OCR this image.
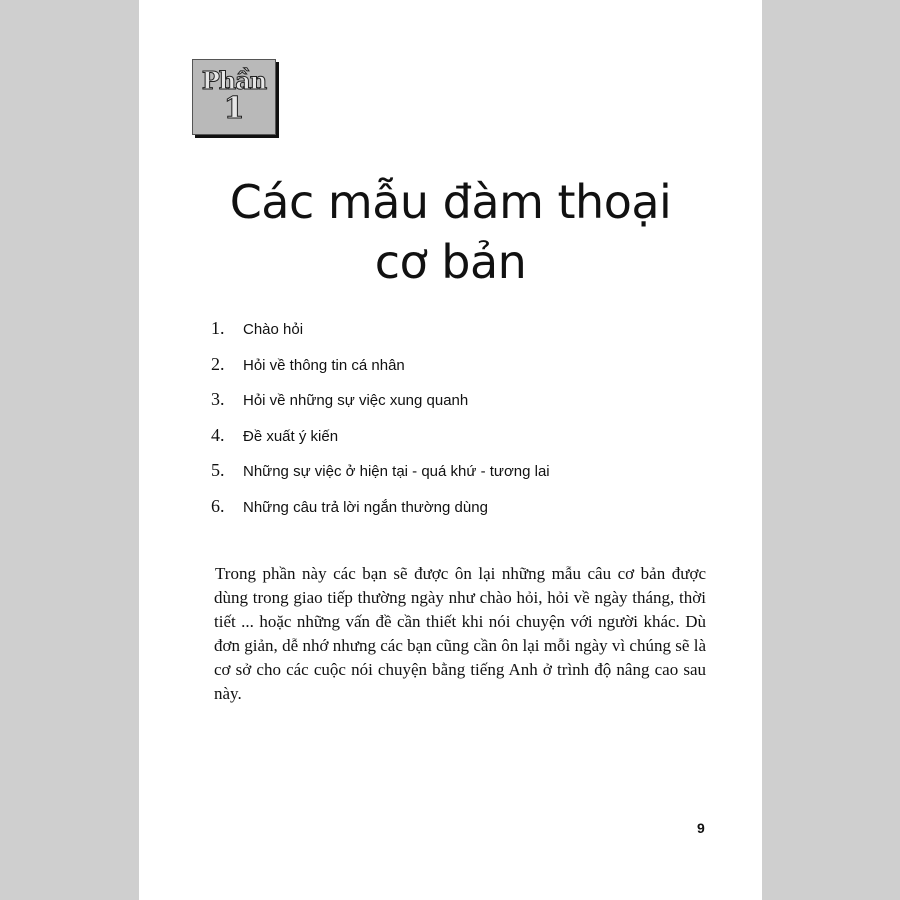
Phần
1
Các mẫu đàm thoại
cơ bản
1. Chào hỏi
2. Hỏi về thông tin cá nhân
3. Hỏi về những sự việc xung quanh
4. Đề xuất ý kiến
5. Những sự việc ở hiện tại - quá khứ - tương lai
6. Những câu trả lời ngắn thường dùng

Trong phần này các bạn sẽ được ôn lại những mẫu câu cơ bản được dùng trong giao tiếp thường ngày như chào hỏi, hỏi về ngày tháng, thời tiết ... hoặc những vấn đề cần thiết khi nói chuyện với người khác. Dù đơn giản, dễ nhớ nhưng các bạn cũng cần ôn lại mỗi ngày vì chúng sẽ là cơ sở cho các cuộc nói chuyện bằng tiếng Anh ở trình độ nâng cao sau này.

9
